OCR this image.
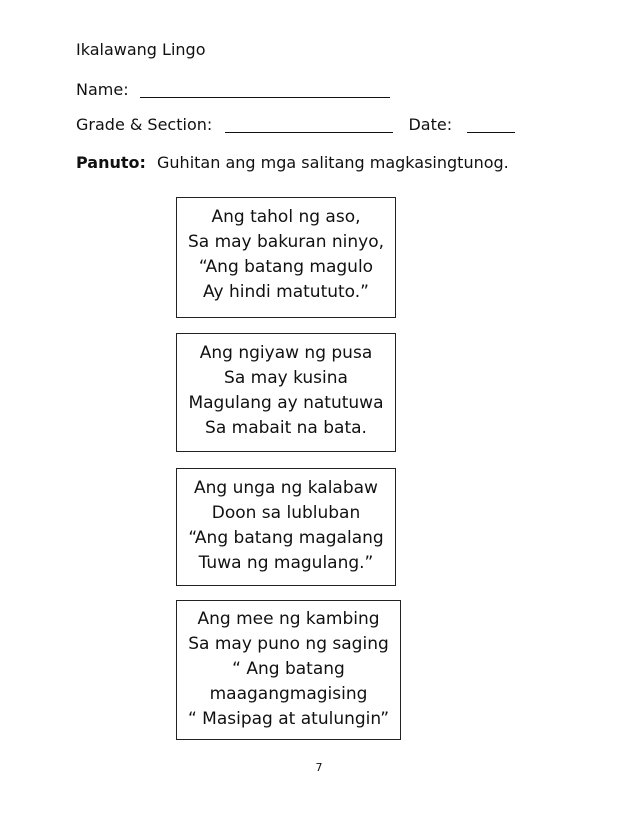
Ikalawang Lingo
Name:
Grade & Section:	Date:
Panuto: Guhitan ang mga salitang magkasingtunog.
Ang tahol ng aso,
Sa may bakuran ninyo,
“Ang batang magulo
Ay hindi matututo.”
Ang ngiyaw ng pusa
Sa may kusina
Magulang ay natutuwa
Sa mabait na bata.
Ang unga ng kalabaw
Doon sa lubluban
“Ang batang magalang
Tuwa ng magulang.”
Ang mee ng kambing
Sa may puno ng saging
“ Ang batang
maagangmagising
“ Masipag at atulungin”
7
